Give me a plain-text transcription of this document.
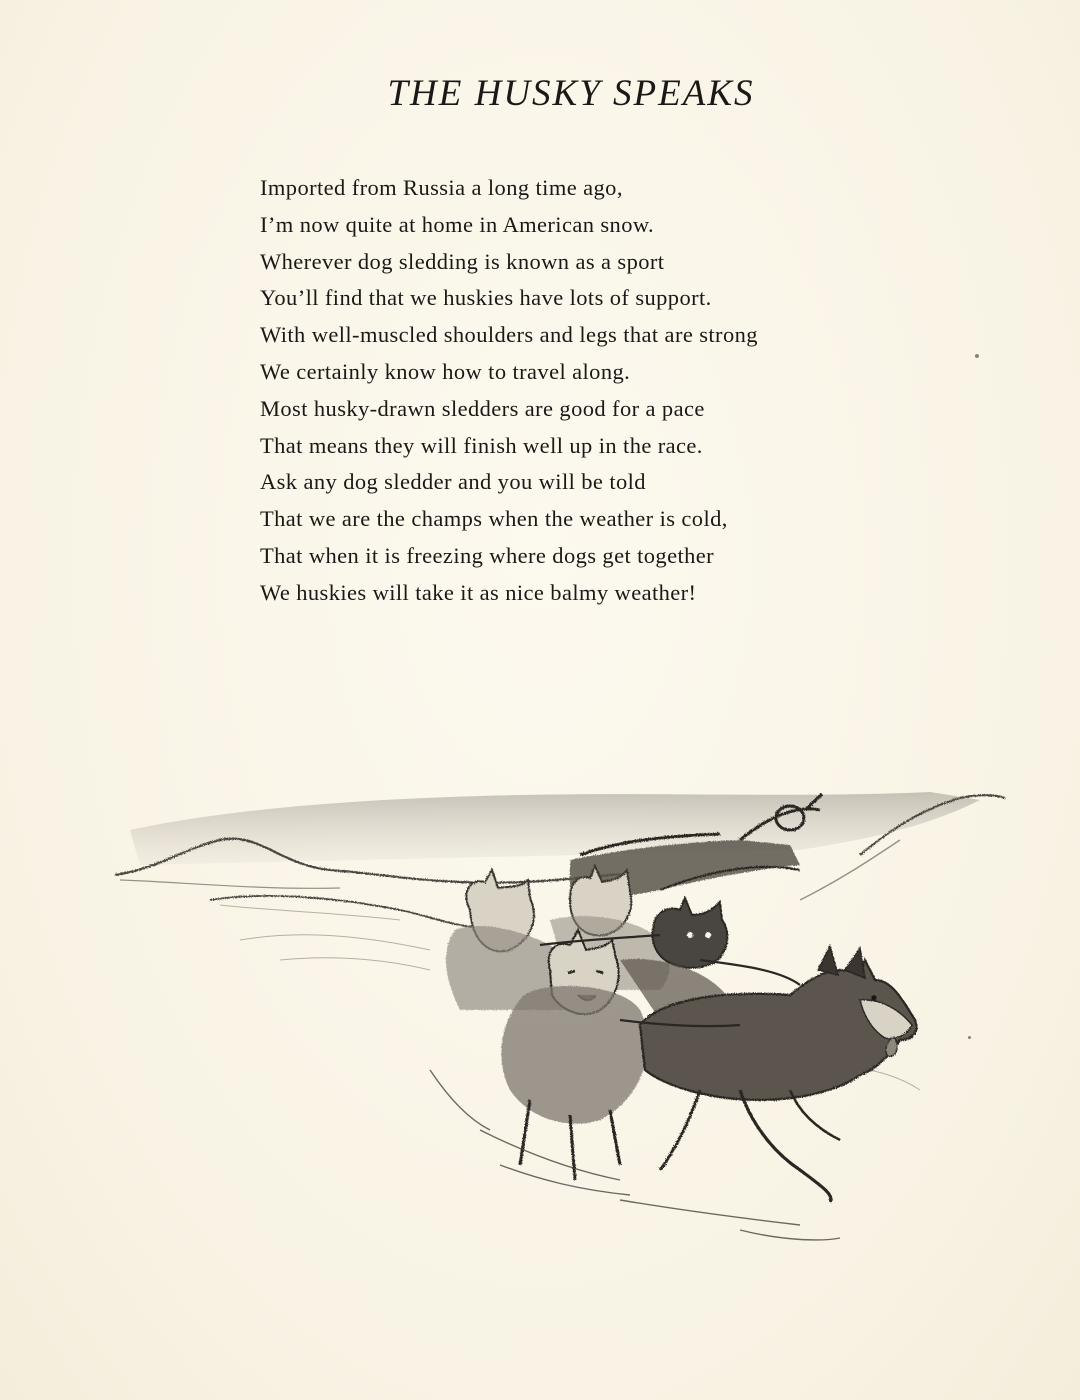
THE HUSKY SPEAKS
Imported from Russia a long time ago,
I’m now quite at home in American snow.
Wherever dog sledding is known as a sport
You’ll find that we huskies have lots of support.
With well-muscled shoulders and legs that are strong
We certainly know how to travel along.
Most husky-drawn sledders are good for a pace
That means they will finish well up in the race.
Ask any dog sledder and you will be told
That we are the champs when the weather is cold,
That when it is freezing where dogs get together
We huskies will take it as nice balmy weather!
